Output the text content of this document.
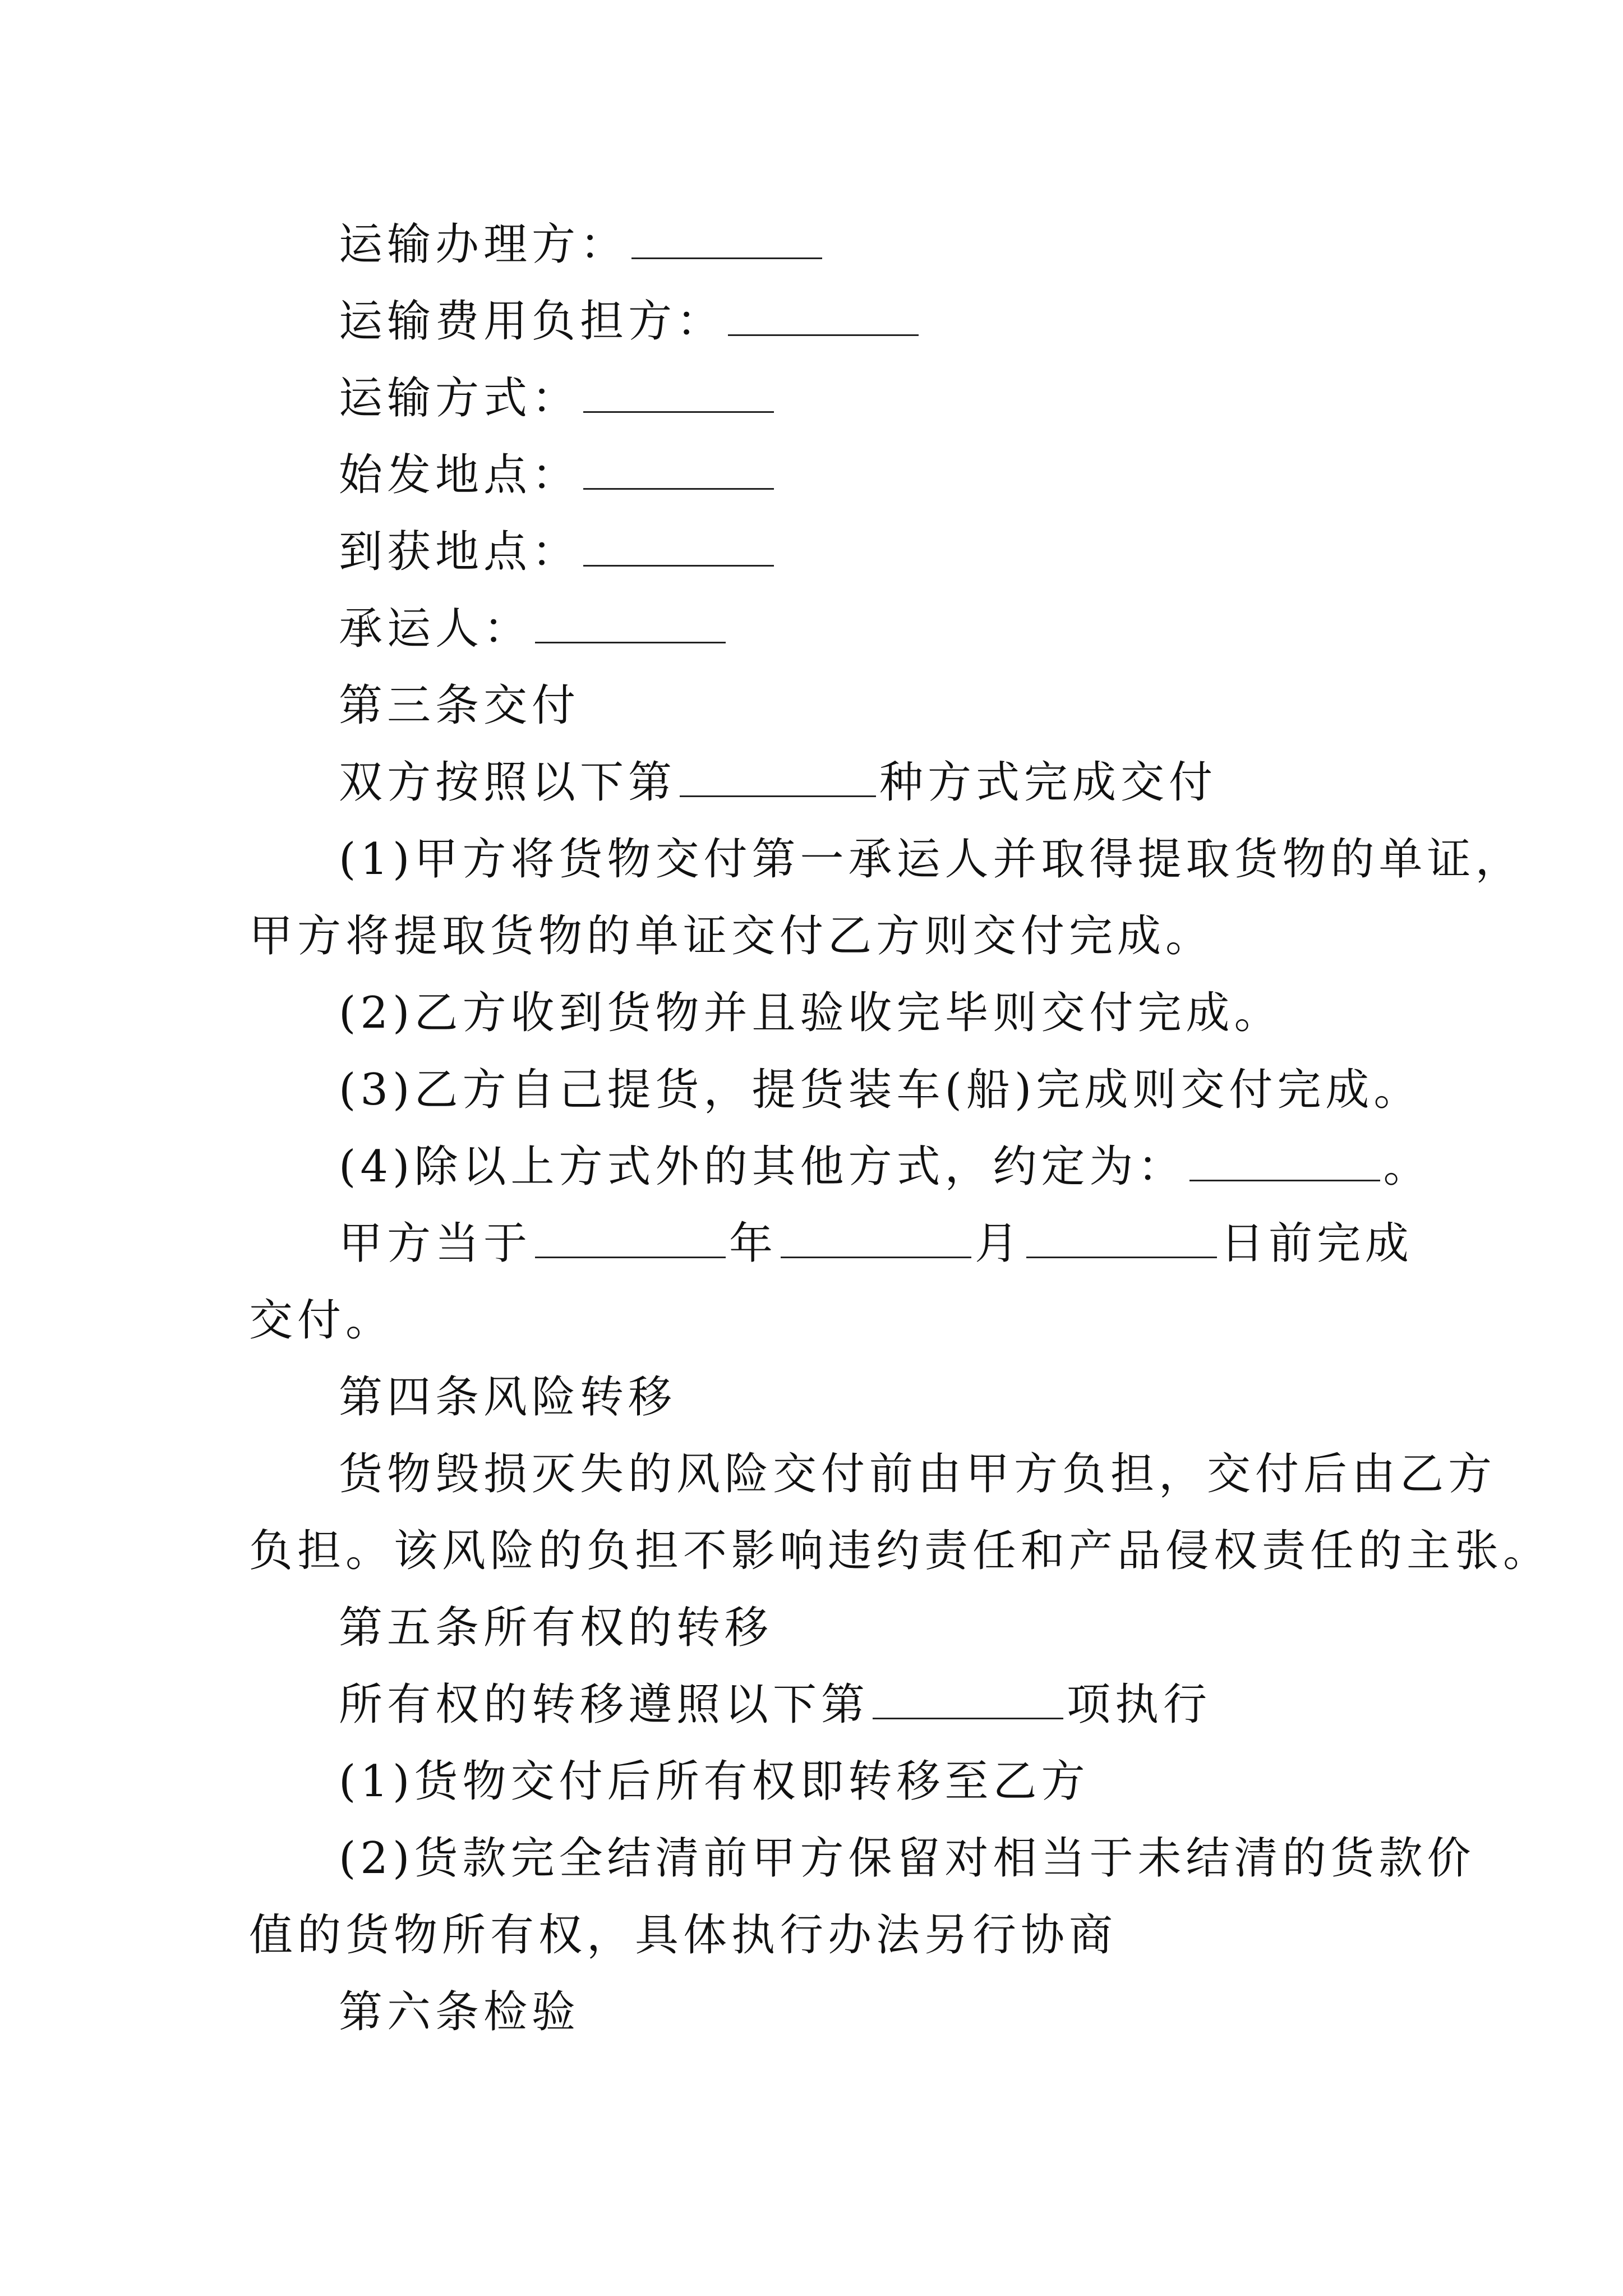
运输办理方：
运输费用负担方：
运输方式：
始发地点：
到获地点：
承运人：
第三条交付
双方按照以下第	种方式完成交付
(1)甲方将货物交付第一承运人并取得提取货物的单证，
甲方将提取货物的单证交付乙方则交付完成。
(2)乙方收到货物并且验收完毕则交付完成。
(3)乙方自己提货，提货装车(船)完成则交付完成。
(4)除以上方式外的其他方式，约定为：	。
甲方当于	年	月	日前完成
交付。
第四条风险转移
货物毁损灭失的风险交付前由甲方负担，交付后由乙方
负担。该风险的负担不影响违约责任和产品侵权责任的主张。
第五条所有权的转移
所有权的转移遵照以下第	项执行
(1)货物交付后所有权即转移至乙方
(2)货款完全结清前甲方保留对相当于未结清的货款价
值的货物所有权，具体执行办法另行协商
第六条检验
